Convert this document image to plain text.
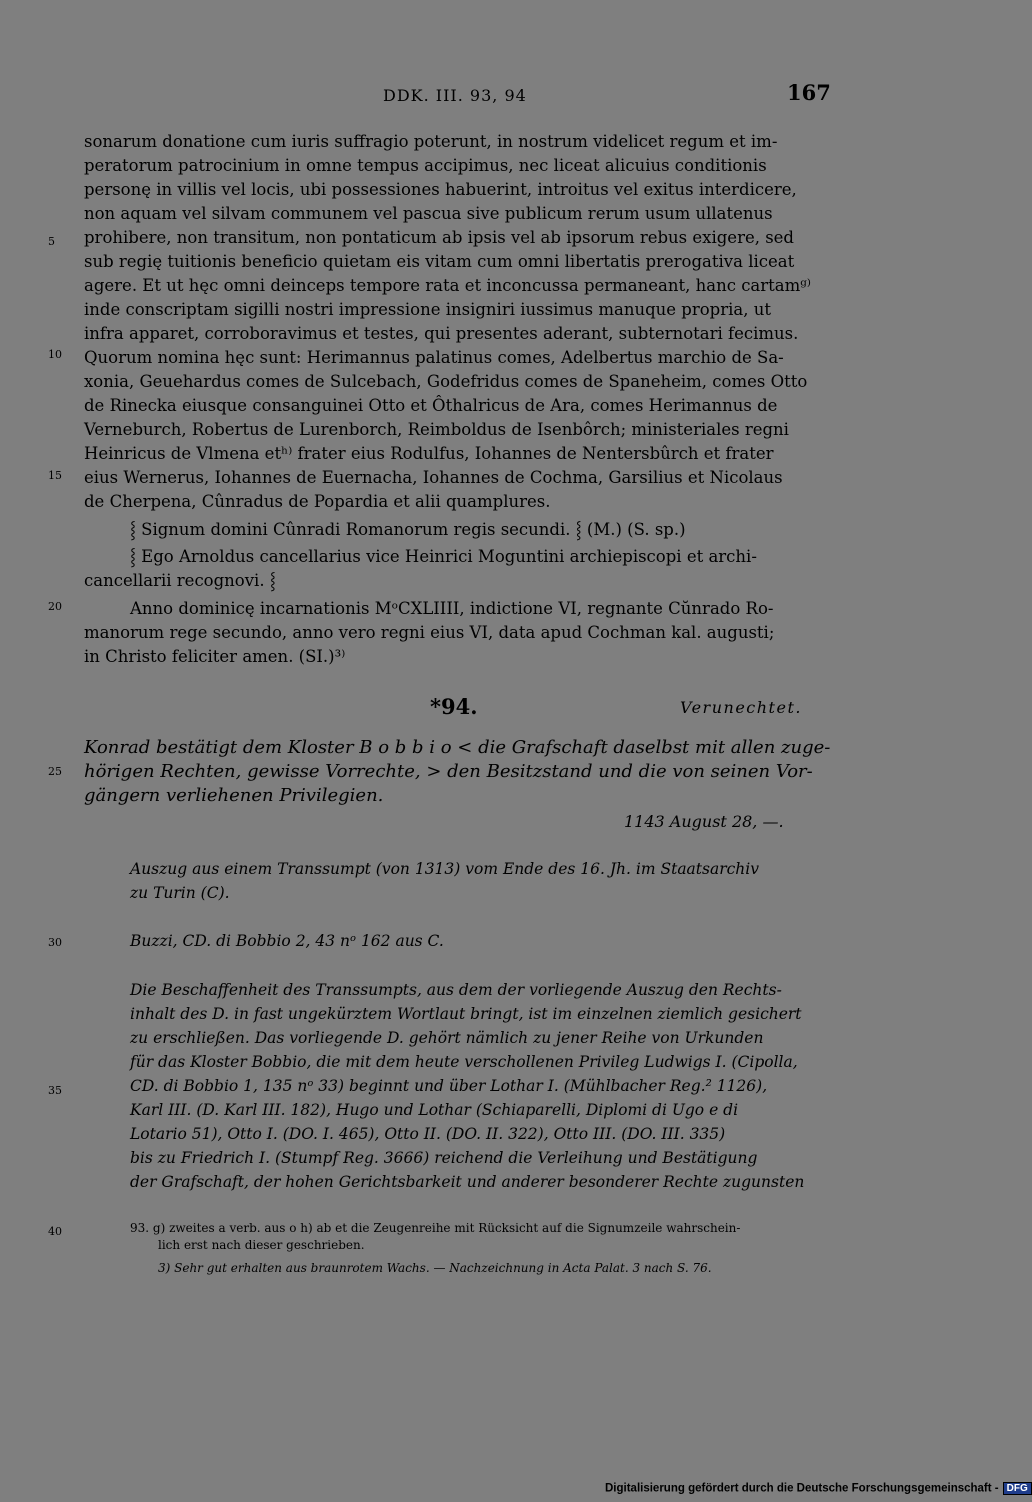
DDK. III. 93, 94	167
5
10
15
20
25
30
35
40
sonarum donatione cum iuris suffragio poterunt, in nostrum videlicet regum et im-
peratorum patrocinium in omne tempus accipimus, nec liceat alicuius conditionis
personę in villis vel locis, ubi possessiones habuerint, introitus vel exitus interdicere,
non aquam vel silvam communem vel pascua sive publicum rerum usum ullatenus
prohibere, non transitum, non pontaticum ab ipsis vel ab ipsorum rebus exigere, sed
sub regię tuitionis beneficio quietam eis vitam cum omni libertatis prerogativa liceat
agere. Et ut hęc omni deinceps tempore rata et inconcussa permaneant, hanc cartamᵍ⁾
inde conscriptam sigilli nostri impressione insigniri iussimus manuque propria, ut
infra apparet, corroboravimus et testes, qui presentes aderant, subternotari fecimus.
Quorum nomina hęc sunt: Herimannus palatinus comes, Adelbertus marchio de Sa-
xonia, Geuehardus comes de Sulcebach, Godefridus comes de Spaneheim, comes Otto
de Rinecka eiusque consanguinei Otto et Ôthalricus de Ara, comes Herimannus de
Verneburch, Robertus de Lurenborch, Reimboldus de Isenbôrch; ministeriales regni
Heinricus de Vlmena etʰ⁾ frater eius Rodulfus, Iohannes de Nentersbûrch et frater
eius Wernerus, Iohannes de Euernacha, Iohannes de Cochma, Garsilius et Nicolaus
de Cherpena, Cûnradus de Popardia et alii quamplures.
⸾ Signum domini Cûnradi Romanorum regis secundi. ⸾ (M.) (S. sp.)
⸾ Ego Arnoldus cancellarius vice Heinrici Moguntini archiepiscopi et archi-
cancellarii recognovi. ⸾
Anno dominicę incarnationis MᵒCXLIIII, indictione VI, regnante Cŭnrado Ro-
manorum rege secundo, anno vero regni eius VI, data apud Cochman kal. augusti;
in Christo feliciter amen. (SI.)³⁾
*94.	Verunechtet.
Konrad bestätigt dem Kloster B o b b i o < die Grafschaft daselbst mit allen zuge-
hörigen Rechten, gewisse Vorrechte, > den Besitzstand und die von seinen Vor-
gängern verliehenen Privilegien.
1143 August 28, —.
Auszug aus einem Transsumpt (von 1313) vom Ende des 16. Jh. im Staatsarchiv
zu Turin (C).
Buzzi, CD. di Bobbio 2, 43 nᵒ 162 aus C.
Die Beschaffenheit des Transsumpts, aus dem der vorliegende Auszug den Rechts-
inhalt des D. in fast ungekürztem Wortlaut bringt, ist im einzelnen ziemlich gesichert
zu erschließen. Das vorliegende D. gehört nämlich zu jener Reihe von Urkunden
für das Kloster Bobbio, die mit dem heute verschollenen Privileg Ludwigs I. (Cipolla,
CD. di Bobbio 1, 135 nᵒ 33) beginnt und über Lothar I. (Mühlbacher Reg.² 1126),
Karl III. (D. Karl III. 182), Hugo und Lothar (Schiaparelli, Diplomi di Ugo e di
Lotario 51), Otto I. (DO. I. 465), Otto II. (DO. II. 322), Otto III. (DO. III. 335)
bis zu Friedrich I. (Stumpf Reg. 3666) reichend die Verleihung und Bestätigung
der Grafschaft, der hohen Gerichtsbarkeit und anderer besonderer Rechte zugunsten
93. g) zweites a verb. aus o h) ab et die Zeugenreihe mit Rücksicht auf die Signumzeile wahrschein-
lich erst nach dieser geschrieben.
3) Sehr gut erhalten aus braunrotem Wachs. — Nachzeichnung in Acta Palat. 3 nach S. 76.
Digitalisierung gefördert durch die Deutsche Forschungsgemeinschaft - DFG
